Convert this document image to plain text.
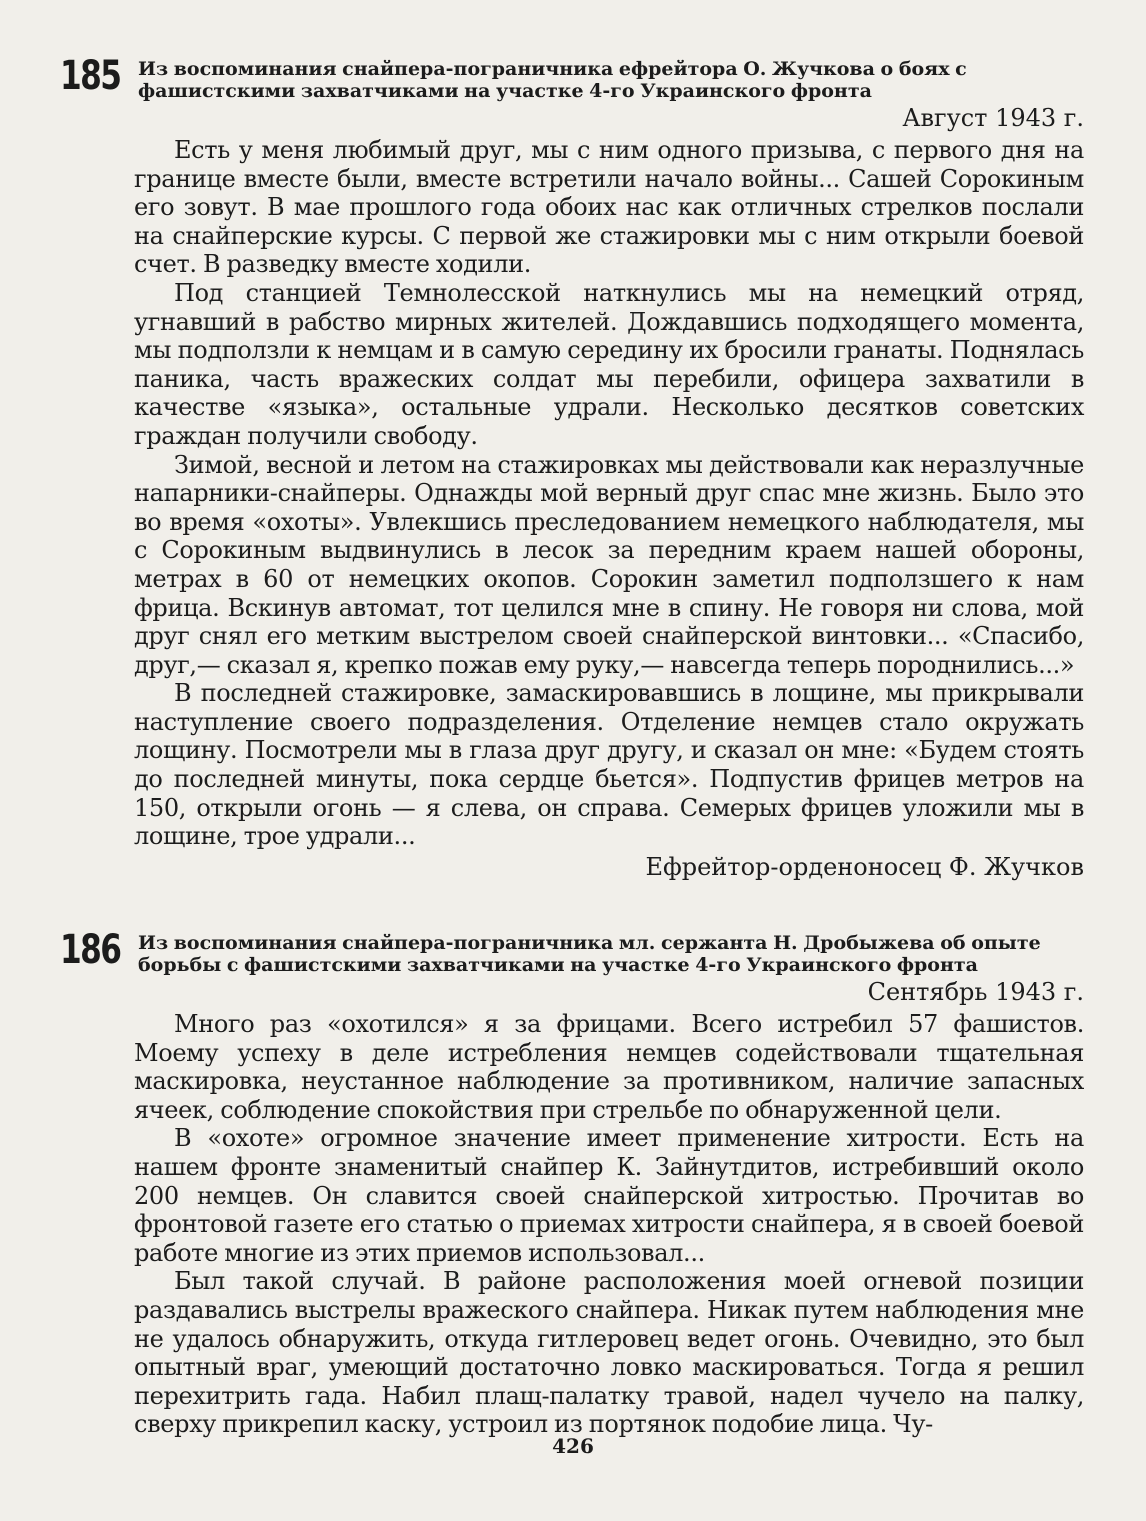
185 Из воспоминания снайпера-пограничника ефрейтора О. Жучкова о боях с фашистскими захватчиками на участке 4-го Украинского фронта

Август 1943 г.

Есть у меня любимый друг, мы с ним одного призыва, с первого дня на границе вместе были, вместе встретили начало войны... Сашей Сорокиным его зовут. В мае прошлого года обоих нас как отличных стрелков послали на снайперские курсы. С первой же стажировки мы с ним открыли боевой счет. В разведку вместе ходили.

Под станцией Темнолесской наткнулись мы на немецкий отряд, угнавший в рабство мирных жителей. Дождавшись подходящего момента, мы подползли к немцам и в самую середину их бросили гранаты. Поднялась паника, часть вражеских солдат мы перебили, офицера захватили в качестве «языка», остальные удрали. Несколько десятков советских граждан получили свободу.

Зимой, весной и летом на стажировках мы действовали как неразлучные напарники-снайперы. Однажды мой верный друг спас мне жизнь. Было это во время «охоты». Увлекшись преследованием немецкого наблюдателя, мы с Сорокиным выдвинулись в лесок за передним краем нашей обороны, метрах в 60 от немецких окопов. Сорокин заметил подползшего к нам фрица. Вскинув автомат, тот целился мне в спину. Не говоря ни слова, мой друг снял его метким выстрелом своей снайперской винтовки... «Спасибо, друг,— сказал я, крепко пожав ему руку,— навсегда теперь породнились...»

В последней стажировке, замаскировавшись в лощине, мы прикрывали наступление своего подразделения. Отделение немцев стало окружать лощину. Посмотрели мы в глаза друг другу, и сказал он мне: «Будем стоять до последней минуты, пока сердце бьется». Подпустив фрицев метров на 150, открыли огонь — я слева, он справа. Семерых фрицев уложили мы в лощине, трое удрали...

Ефрейтор-орденоносец Ф. Жучков
186 Из воспоминания снайпера-пограничника мл. сержанта Н. Дробыжева об опыте борьбы с фашистскими захватчиками на участке 4-го Украинского фронта

Сентябрь 1943 г.

Много раз «охотился» я за фрицами. Всего истребил 57 фашистов. Моему успеху в деле истребления немцев содействовали тщательная маскировка, неустанное наблюдение за противником, наличие запасных ячеек, соблюдение спокойствия при стрельбе по обнаруженной цели.

В «охоте» огромное значение имеет применение хитрости. Есть на нашем фронте знаменитый снайпер К. Зайнутдитов, истребивший около 200 немцев. Он славится своей снайперской хитростью. Прочитав во фронтовой газете его статью о приемах хитрости снайпера, я в своей боевой работе многие из этих приемов использовал...

Был такой случай. В районе расположения моей огневой позиции раздавались выстрелы вражеского снайпера. Никак путем наблюдения мне не удалось обнаружить, откуда гитлеровец ведет огонь. Очевидно, это был опытный враг, умеющий достаточно ловко маскироваться. Тогда я решил перехитрить гада. Набил плащ-палатку травой, надел чучело на палку, сверху прикрепил каску, устроил из портянок подобие лица. Чу-

426
